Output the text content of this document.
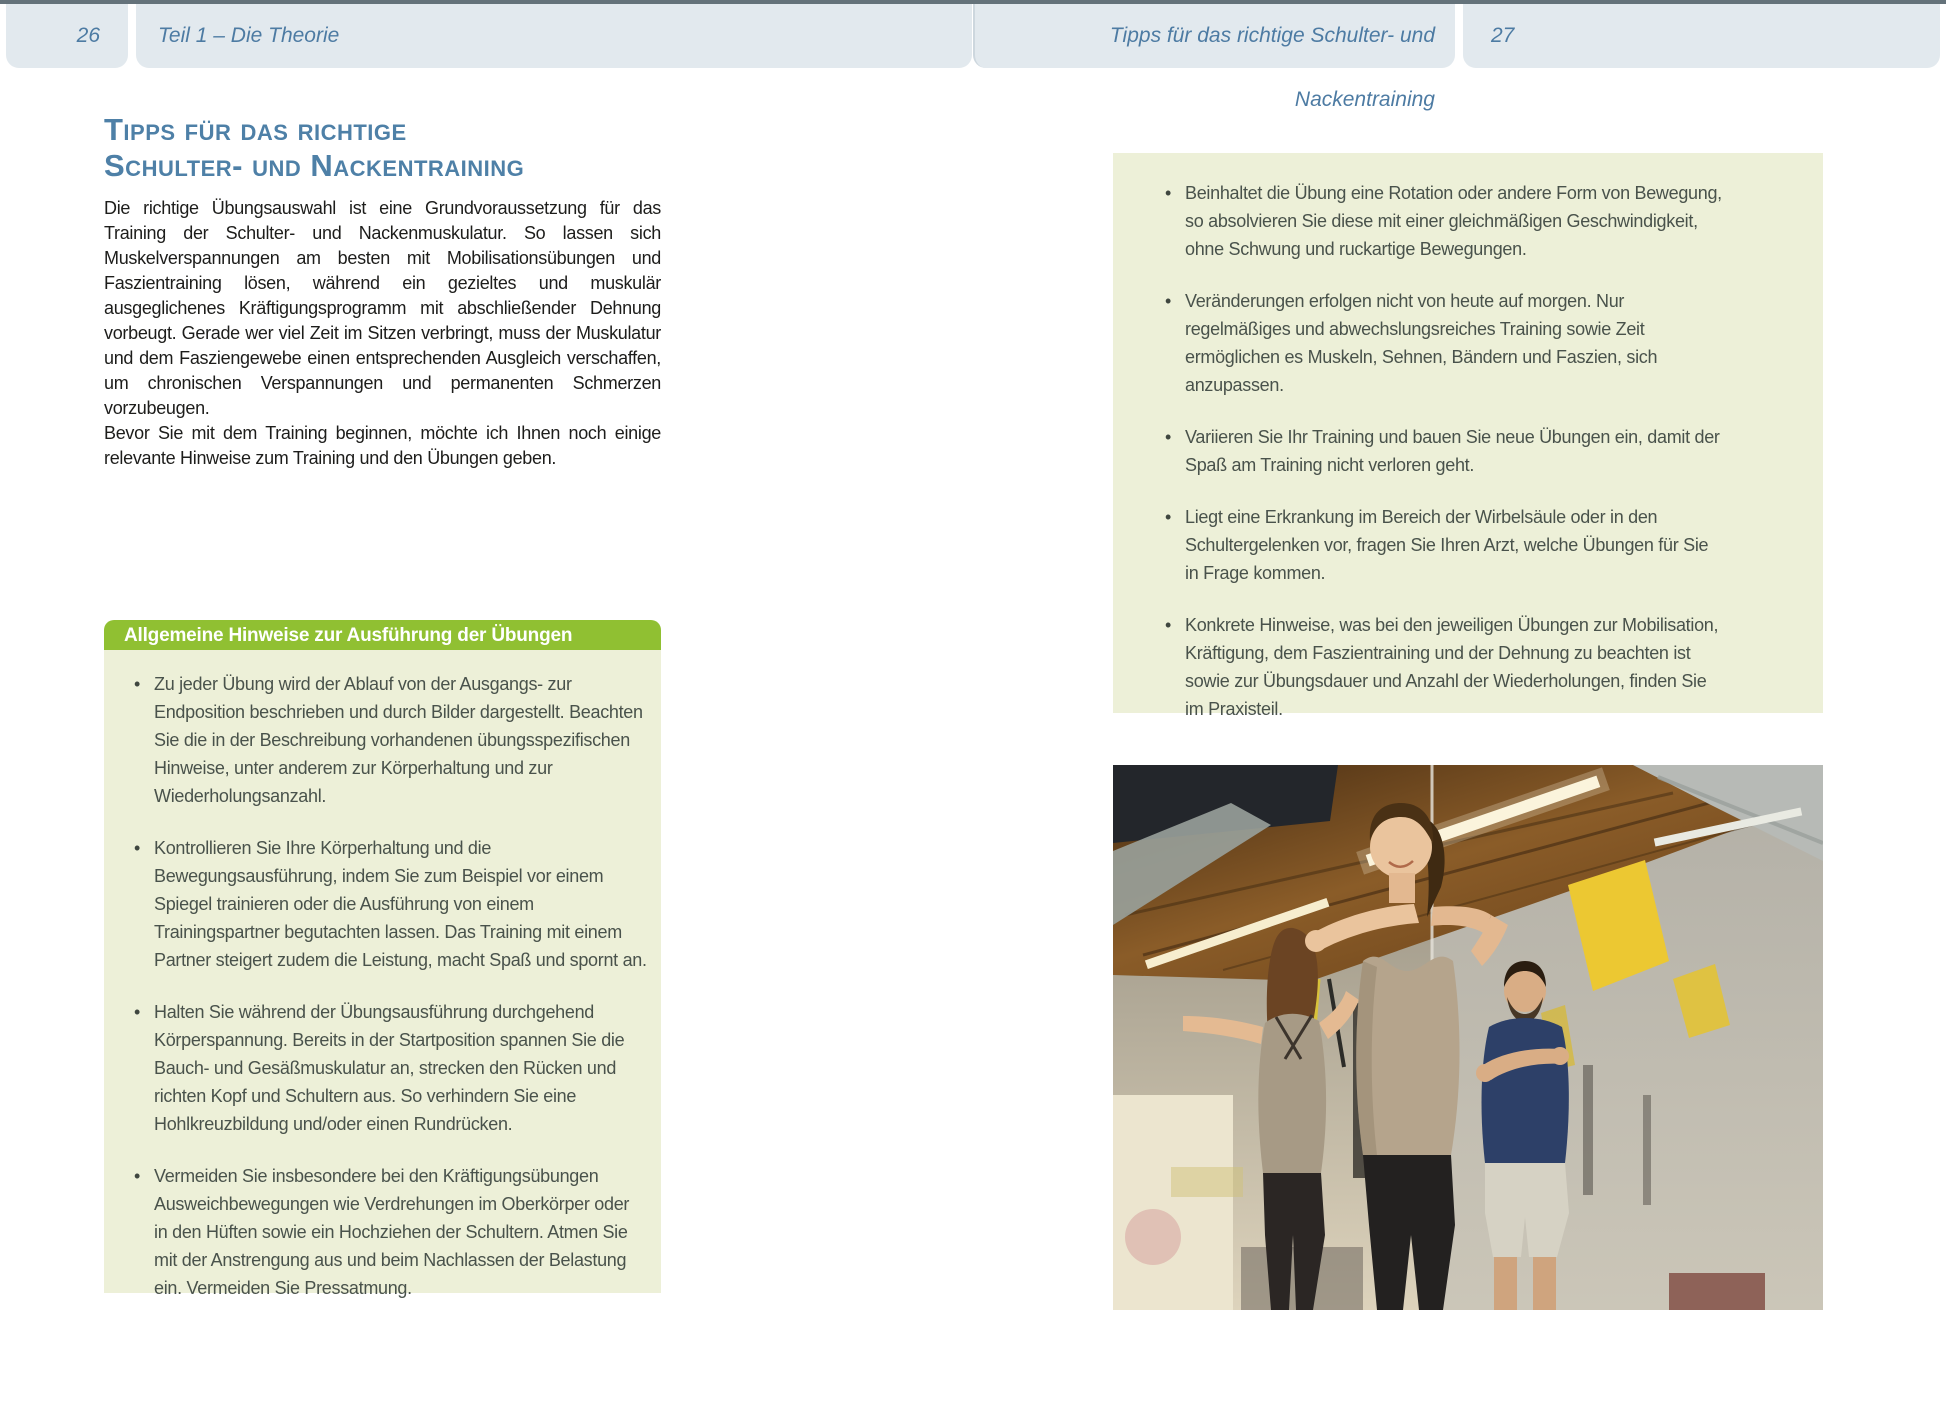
26	Teil 1 – Die Theorie	Tipps für das richtige Schulter- und Nackentraining
27
Tipps für das richtige
Schulter- und Nackentraining

Die richtige Übungsauswahl ist eine Grundvoraussetzung für das Training der Schulter- und Nackenmuskulatur. So lassen sich Muskelverspannungen am besten mit Mobilisationsübungen und Faszientraining lösen, während ein gezieltes und muskulär ausgeglichenes Kräftigungsprogramm mit abschließender Dehnung vorbeugt. Gerade wer viel Zeit im Sitzen verbringt, muss der Muskulatur und dem Fasziengewebe einen entsprechenden Ausgleich verschaffen, um chronischen Verspannungen und permanenten Schmerzen vorzubeugen.

Bevor Sie mit dem Training beginnen, möchte ich Ihnen noch einige relevante Hinweise zum Training und den Übungen geben.

Allgemeine Hinweise zur Ausführung der Übungen
• Zu jeder Übung wird der Ablauf von der Ausgangs- zur Endposition beschrieben und durch Bilder dargestellt. Beachten Sie die in der Beschreibung vorhandenen übungsspezifischen Hinweise, unter anderem zur Körperhaltung und zur Wiederholungsanzahl.
• Kontrollieren Sie Ihre Körperhaltung und die Bewegungsausführung, indem Sie zum Beispiel vor einem Spiegel trainieren oder die Ausführung von einem Trainingspartner begutachten lassen. Das Training mit einem Partner steigert zudem die Leistung, macht Spaß und spornt an.
• Halten Sie während der Übungsausführung durchgehend Körperspannung. Bereits in der Startposition spannen Sie die Bauch- und Gesäßmuskulatur an, strecken den Rücken und richten Kopf und Schultern aus. So verhindern Sie eine Hohlkreuzbildung und/oder einen Rundrücken.
• Vermeiden Sie insbesondere bei den Kräftigungsübungen Ausweichbewegungen wie Verdrehungen im Oberkörper oder in den Hüften sowie ein Hochziehen der Schultern. Atmen Sie mit der Anstrengung aus und beim Nachlassen der Belastung ein. Vermeiden Sie Pressatmung.
• Beinhaltet die Übung eine Rotation oder andere Form von Bewegung, so absolvieren Sie diese mit einer gleichmäßigen Geschwindigkeit, ohne Schwung und ruckartige Bewegungen.
• Veränderungen erfolgen nicht von heute auf morgen. Nur regelmäßiges und abwechslungsreiches Training sowie Zeit ermöglichen es Muskeln, Sehnen, Bändern und Faszien, sich anzupassen.
• Variieren Sie Ihr Training und bauen Sie neue Übungen ein, damit der Spaß am Training nicht verloren geht.
• Liegt eine Erkrankung im Bereich der Wirbelsäule oder in den Schultergelenken vor, fragen Sie Ihren Arzt, welche Übungen für Sie in Frage kommen.
• Konkrete Hinweise, was bei den jeweiligen Übungen zur Mobilisation, Kräftigung, dem Faszientraining und der Dehnung zu beachten ist sowie zur Übungsdauer und Anzahl der Wiederholungen, finden Sie im Praxisteil.
